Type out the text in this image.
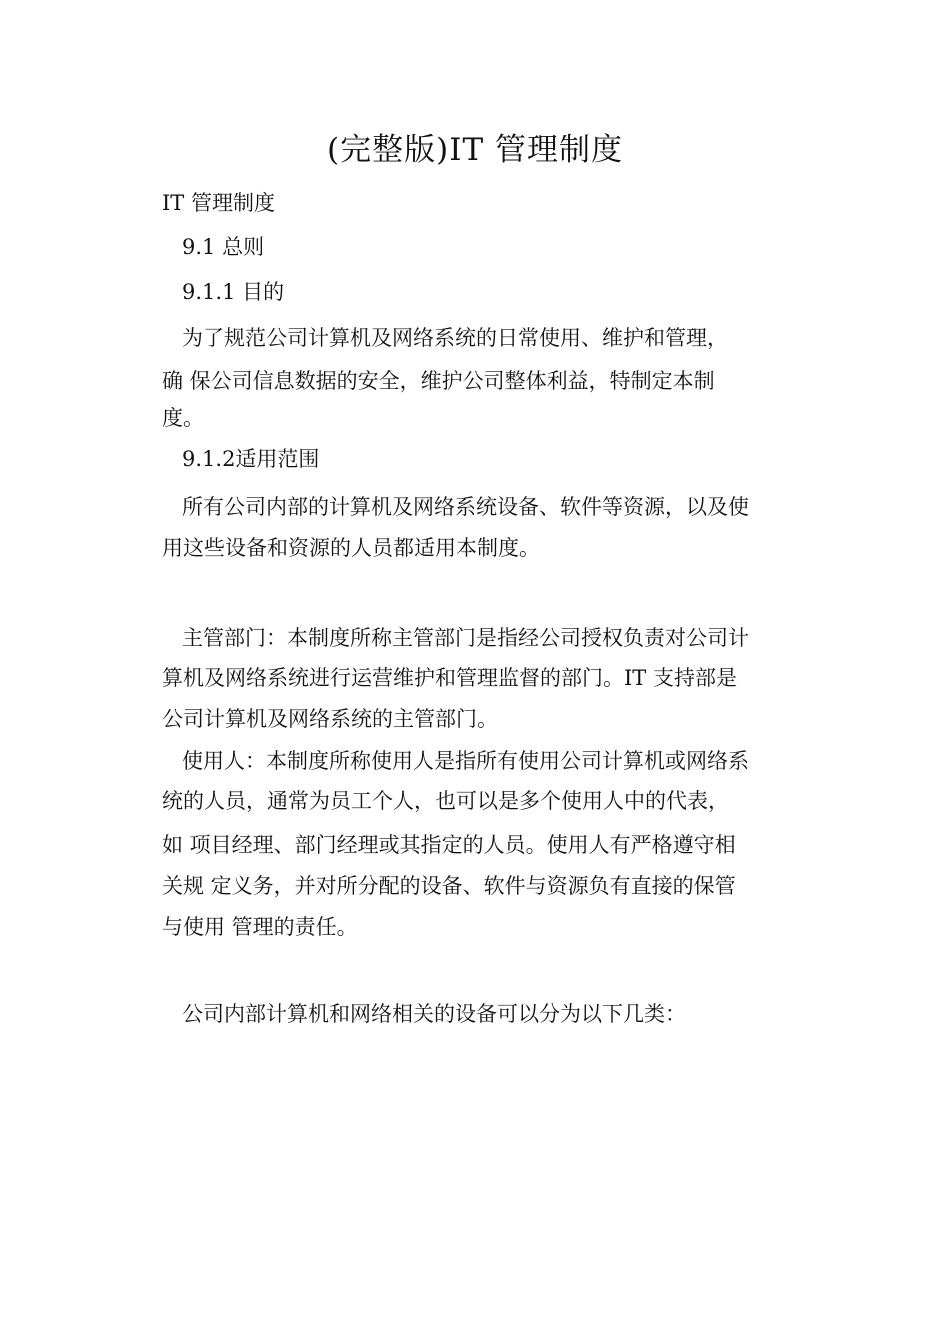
(完整版)IT 管理制度

IT 管理制度

9.1 总则

9.1.1 目的

为了规范公司计算机及网络系统的日常使用、维护和管理，

确 保公司信息数据的安全，维护公司整体利益，特制定本制

度。

9.1.2适用范围

所有公司内部的计算机及网络系统设备、软件等资源，以及使

用这些设备和资源的人员都适用本制度。

主管部门：本制度所称主管部门是指经公司授权负责对公司计

算机及网络系统进行运营维护和管理监督的部门。IT 支持部是

公司计算机及网络系统的主管部门。

使用人：本制度所称使用人是指所有使用公司计算机或网络系

统的人员，通常为员工个人，也可以是多个使用人中的代表，

如 项目经理、部门经理或其指定的人员。使用人有严格遵守相

关规 定义务，并对所分配的设备、软件与资源负有直接的保管

与使用 管理的责任。

公司内部计算机和网络相关的设备可以分为以下几类：
